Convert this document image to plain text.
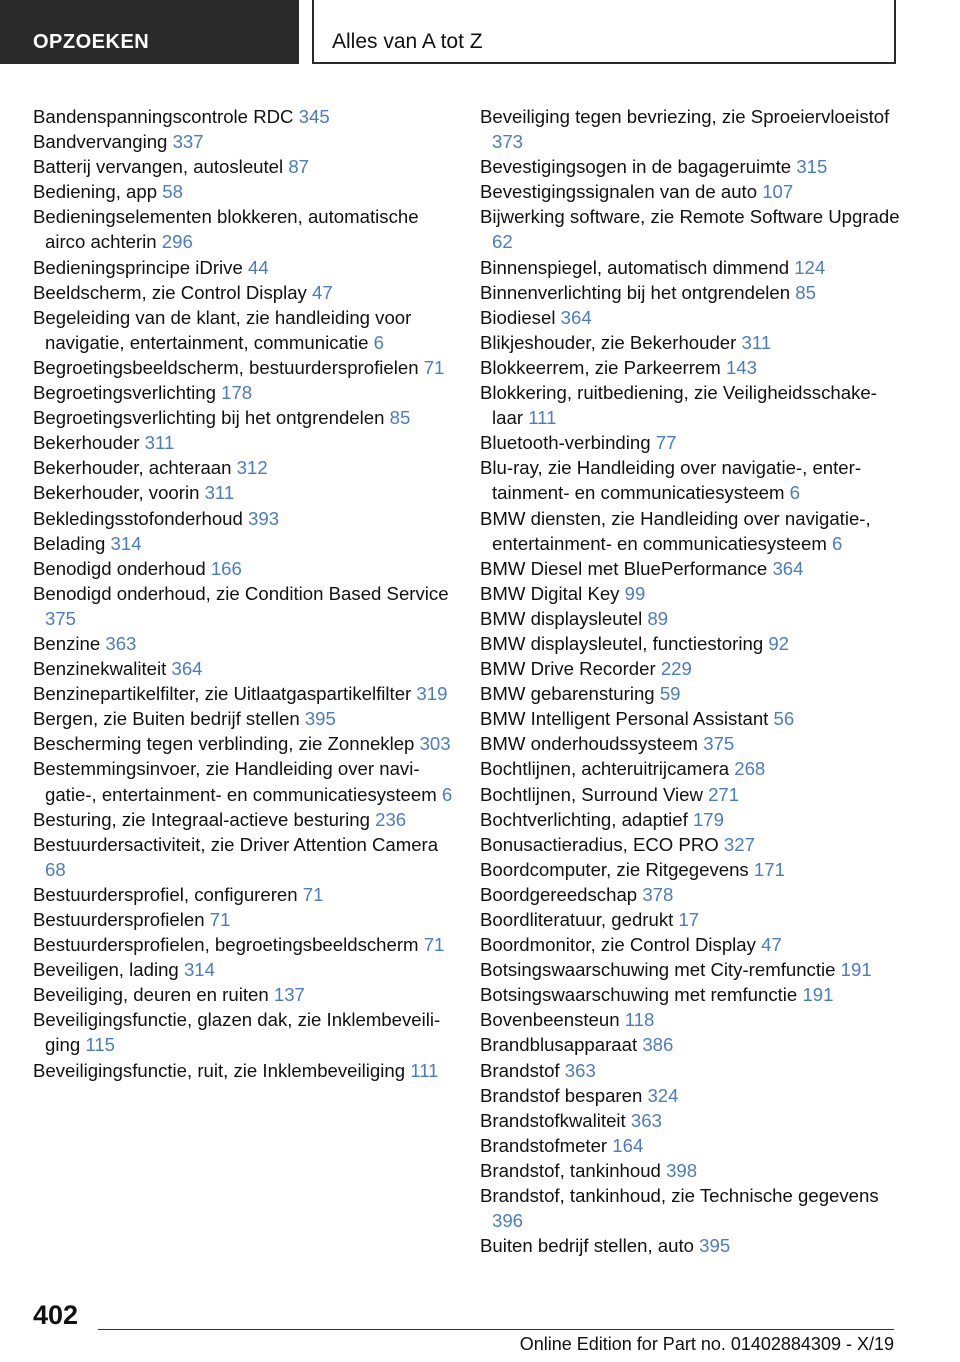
OPZOEKEN	Alles van A tot Z
Bandenspanningscontrole RDC 345
Bandvervanging 337
Batterij vervangen, autosleutel 87
Bediening, app 58
Bedieningselementen blokkeren, automatische airco achterin 296
Bedieningsprincipe iDrive 44
Beeldscherm, zie Control Display 47
Begeleiding van de klant, zie handleiding voor navigatie, entertainment, communicatie 6
Begroetingsbeeldscherm, bestuurdersprofielen 71
Begroetingsverlichting 178
Begroetingsverlichting bij het ontgrendelen 85
Bekerhouder 311
Bekerhouder, achteraan 312
Bekerhouder, voorin 311
Bekledingsstofonderhoud 393
Belading 314
Benodigd onderhoud 166
Benodigd onderhoud, zie Condition Based Service 375
Benzine 363
Benzinekwaliteit 364
Benzinepartikelfilter, zie Uitlaatgaspartikelfilter 319
Bergen, zie Buiten bedrijf stellen 395
Bescherming tegen verblinding, zie Zonneklep 303
Bestemmingsinvoer, zie Handleiding over navigatie-, entertainment- en communicatiesysteem 6
Besturing, zie Integraal-actieve besturing 236
Bestuurdersactiviteit, zie Driver Attention Camera 68
Bestuurdersprofiel, configureren 71
Bestuurdersprofielen 71
Bestuurdersprofielen, begroetingsbeeldscherm 71
Beveiligen, lading 314
Beveiliging, deuren en ruiten 137
Beveiligingsfunctie, glazen dak, zie Inklembeveiliging 115
Beveiligingsfunctie, ruit, zie Inklembeveiliging 111
Beveiliging tegen bevriezing, zie Sproeiervloeistof 373
Bevestigingsogen in de bagageruimte 315
Bevestigingssignalen van de auto 107
Bijwerking software, zie Remote Software Upgrade 62
Binnenspiegel, automatisch dimmend 124
Binnenverlichting bij het ontgrendelen 85
Biodiesel 364
Blikjeshouder, zie Bekerhouder 311
Blokkeerrem, zie Parkeerrem 143
Blokkering, ruitbediening, zie Veiligheidsschakelaar 111
Bluetooth-verbinding 77
Blu-ray, zie Handleiding over navigatie-, entertainment- en communicatiesysteem 6
BMW diensten, zie Handleiding over navigatie-, entertainment- en communicatiesysteem 6
BMW Diesel met BluePerformance 364
BMW Digital Key 99
BMW displaysleutel 89
BMW displaysleutel, functiestoring 92
BMW Drive Recorder 229
BMW gebarensturing 59
BMW Intelligent Personal Assistant 56
BMW onderhoudssysteem 375
Bochtlijnen, achteruitrijcamera 268
Bochtlijnen, Surround View 271
Bochtverlichting, adaptief 179
Bonusactieradius, ECO PRO 327
Boordcomputer, zie Ritgegevens 171
Boordgereedschap 378
Boordliteratuur, gedrukt 17
Boordmonitor, zie Control Display 47
Botsingswaarschuwing met City-remfunctie 191
Botsingswaarschuwing met remfunctie 191
Bovenbeensteun 118
Brandblusapparaat 386
Brandstof 363
Brandstof besparen 324
Brandstofkwaliteit 363
Brandstofmeter 164
Brandstof, tankinhoud 398
Brandstof, tankinhoud, zie Technische gegevens 396
Buiten bedrijf stellen, auto 395
402
Online Edition for Part no. 01402884309 - X/19
